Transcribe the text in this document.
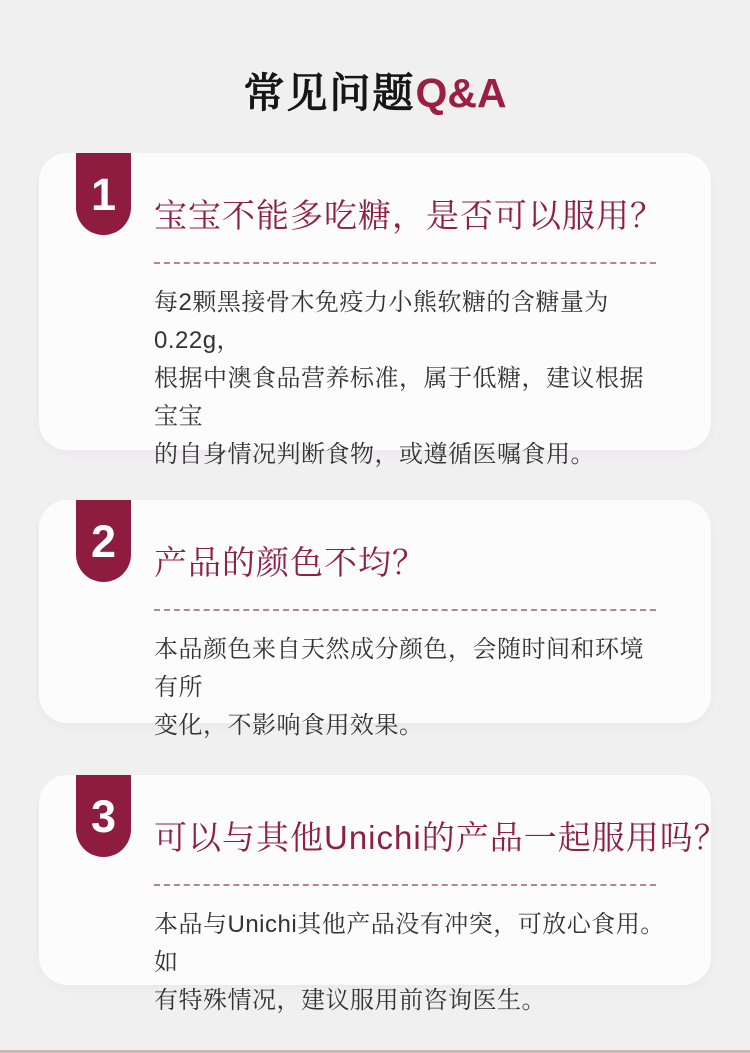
常见问题Q&A
1	宝宝不能多吃糖，是否可以服用？
每2颗黑接骨木免疫力小熊软糖的含糖量为0.22g，
根据中澳食品营养标准，属于低糖，建议根据宝宝
的自身情况判断食物，或遵循医嘱食用。
2	产品的颜色不均？
本品颜色来自天然成分颜色，会随时间和环境有所
变化，不影响食用效果。
3	可以与其他Unichi的产品一起服用吗？
本品与Unichi其他产品没有冲突，可放心食用。如
有特殊情况，建议服用前咨询医生。
